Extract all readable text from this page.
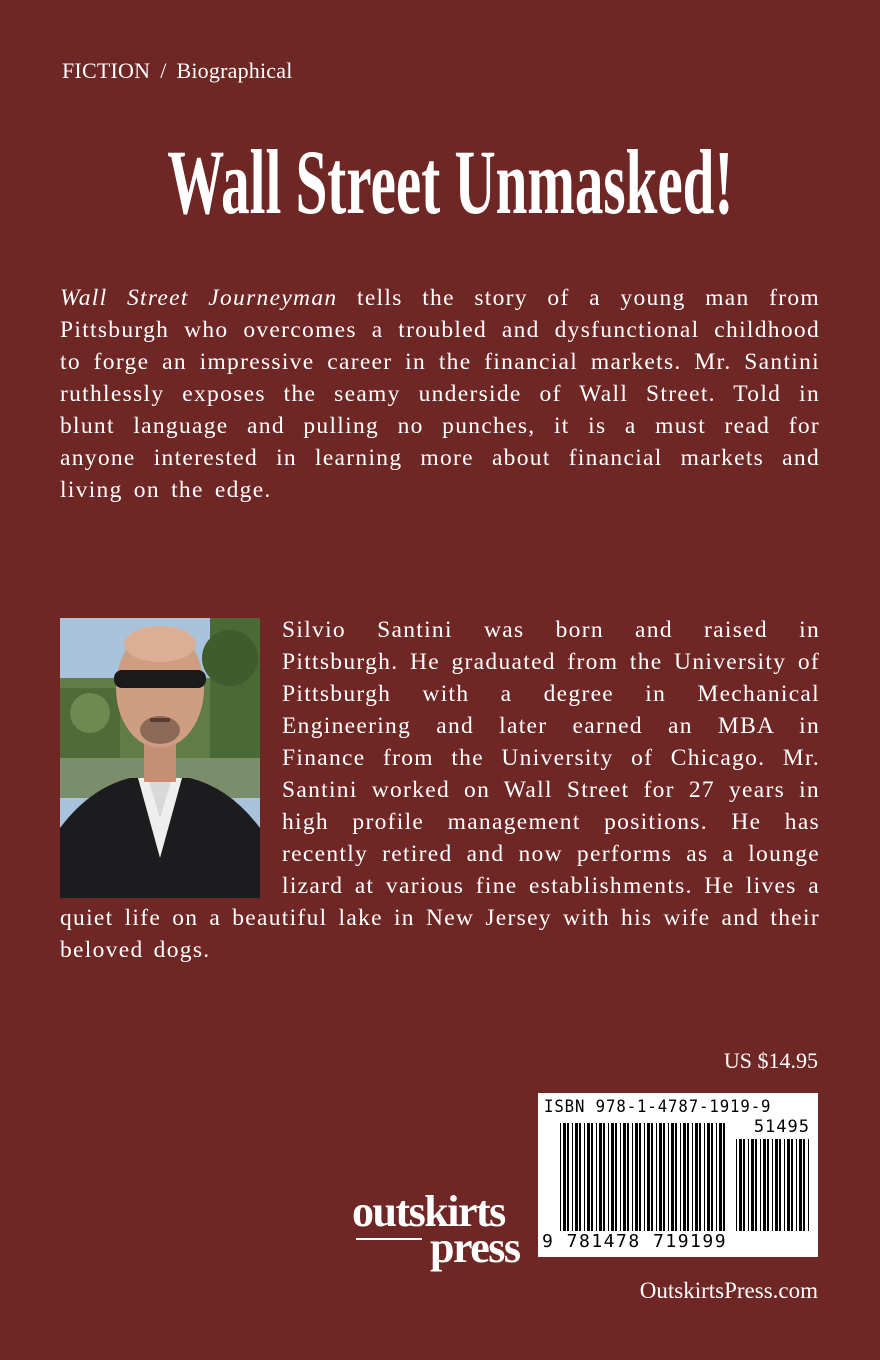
FICTION / Biographical
Wall Street Unmasked!
Wall Street Journeyman tells the story of a young man from Pittsburgh who overcomes a troubled and dysfunctional childhood to forge an impressive career in the financial markets. Mr. Santini ruthlessly exposes the seamy underside of Wall Street. Told in blunt language and pulling no punches, it is a must read for anyone interested in learning more about financial markets and living on the edge.
Silvio Santini was born and raised in Pittsburgh. He graduated from the University of Pittsburgh with a degree in Mechanical Engineering and later earned an MBA in Finance from the University of Chicago. Mr. Santini worked on Wall Street for 27 years in high profile management positions. He has recently retired and now performs as a lounge lizard at various fine establishments. He lives a quiet life on a beautiful lake in New Jersey with his wife and their beloved dogs.
US $14.95
ISBN 978-1-4787-1919-9
51495
9 781478 719199
outskirts
press
OutskirtsPress.com
